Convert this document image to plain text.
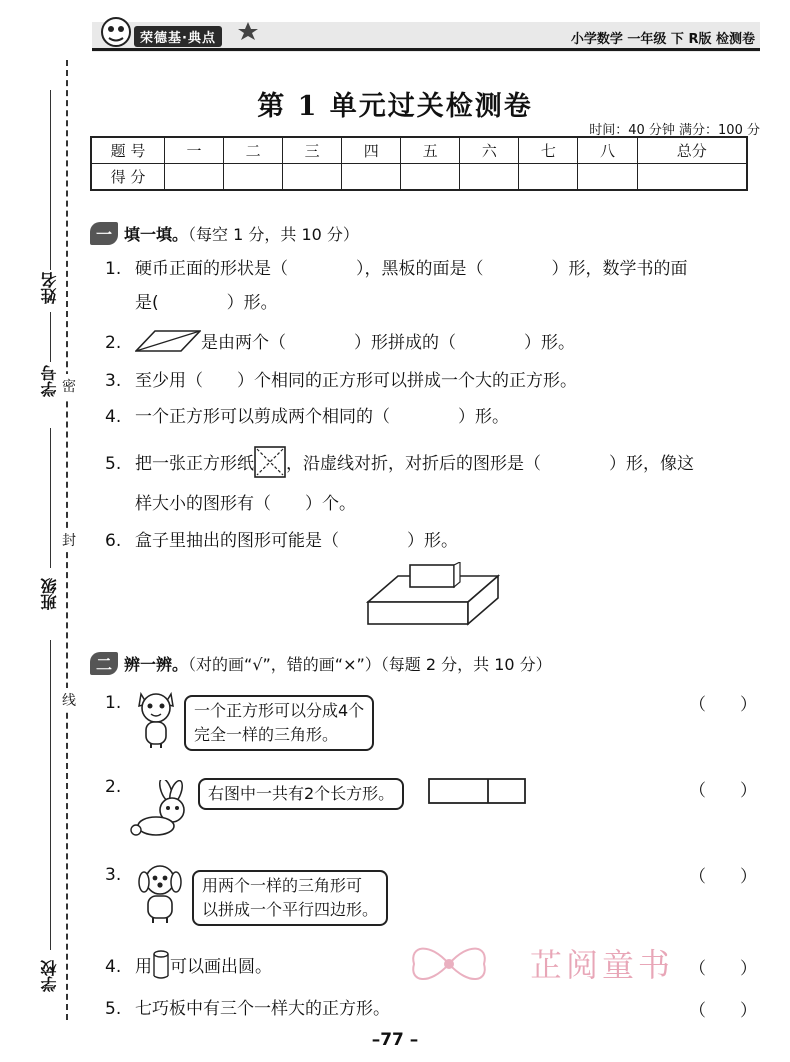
荣德基·典点	小学数学 一年级 下 R版 检测卷
姓名
学号
班级
学校
密
封
线
第 1 单元过关检测卷
时间：40 分钟 满分：100 分
题 号	一	二	三	四	五	六	七	八	总分
得 分									
一 填一填。（每空 1 分，共 10 分）
1. 硬币正面的形状是（　　　　），黑板的面是（　　　　）形，数学书的面
是(　　　　）形。
2.	是由两个（　　　　）形拼成的（　　　　）形。
3. 至少用（　　）个相同的正方形可以拼成一个大的正方形。
4. 一个正方形可以剪成两个相同的（　　　　）形。
5. 把一张正方形纸 ，沿虚线对折，对折后的图形是（　　　　）形，像这
样大小的图形有（　　）个。
6. 盒子里抽出的图形可能是（　　　　）形。
二 辨一辨。（对的画“√”，错的画“×”）（每题 2 分，共 10 分）
1.	一个正方形可以分成4个
完全一样的三角形。
（　　）
2.	右图中一共有2个长方形。	（　　）
3.
用两个一样的三角形可
以拼成一个平行四边形。
（　　）
4. 用 可以画出圆。	（　　）
5. 七巧板中有三个一样大的正方形。	（　　）
芷阅童书
–77 –
